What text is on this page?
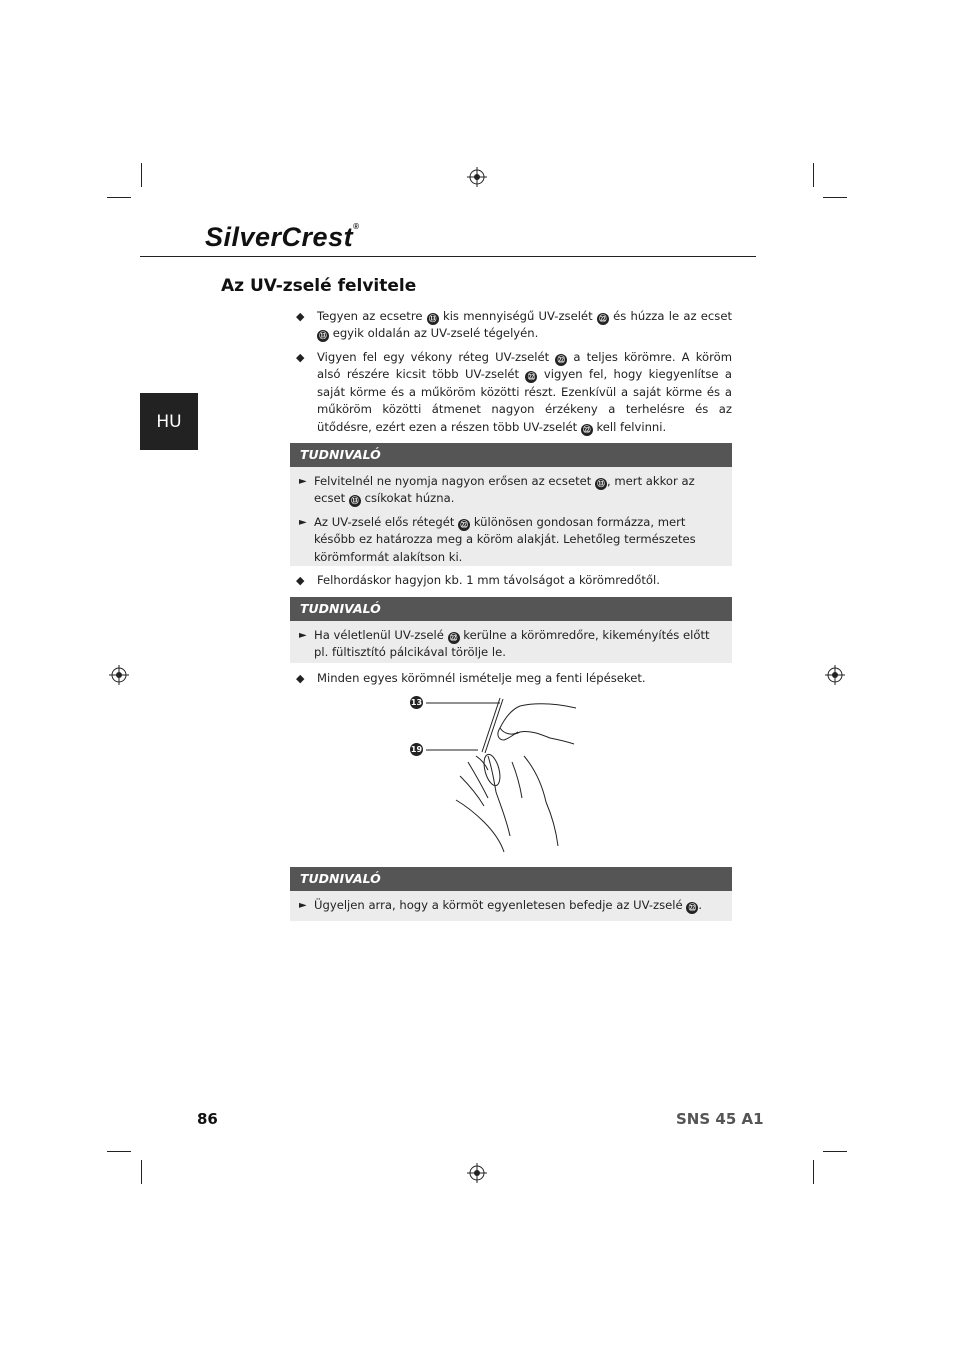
SilverCrest®
Az UV-zselé felvitele
HU
◆ Tegyen az ecsetre ⑬ kis mennyiségű UV-zselét ㉒ és húzza le az ecset ⑬ egyik oldalán az UV-zselé tégelyén.
◆ Vigyen fel egy vékony réteg UV-zselét ㉒ a teljes körömre. A köröm alsó részére kicsit több UV-zselét ㉒ vigyen fel, hogy kiegyenlítse a saját körme és a műköröm közötti részt. Ezenkívül a saját körme és a műköröm közötti átmenet nagyon érzékeny a terhelésre és az ütődésre, ezért ezen a részen több UV-zselét ㉒ kell felvinni.
TUDNIVALÓ
► Felvitelnél ne nyomja nagyon erősen az ecsetet ⑬ , mert akkor az ecset ⑬ csíkokat húzna.
► Az UV-zselé elős rétegét ㉒ különösen gondosan formázza, mert később ez határozza meg a köröm alakját. Lehetőleg természetes körömformát alakítson ki.
◆ Felhordáskor hagyjon kb. 1 mm távolságot a körömredőtől.
TUDNIVALÓ
► Ha véletlenül UV-zselé ㉒ kerülne a körömredőre, kikeményítés előtt pl. fültisztító pálcikával törölje le.
◆ Minden egyes körömnél ismételje meg a fenti lépéseket.
13
19
TUDNIVALÓ
► Ügyeljen arra, hogy a körmöt egyenletesen befedje az UV-zselé ㉒ .
86	SNS 45 A1
